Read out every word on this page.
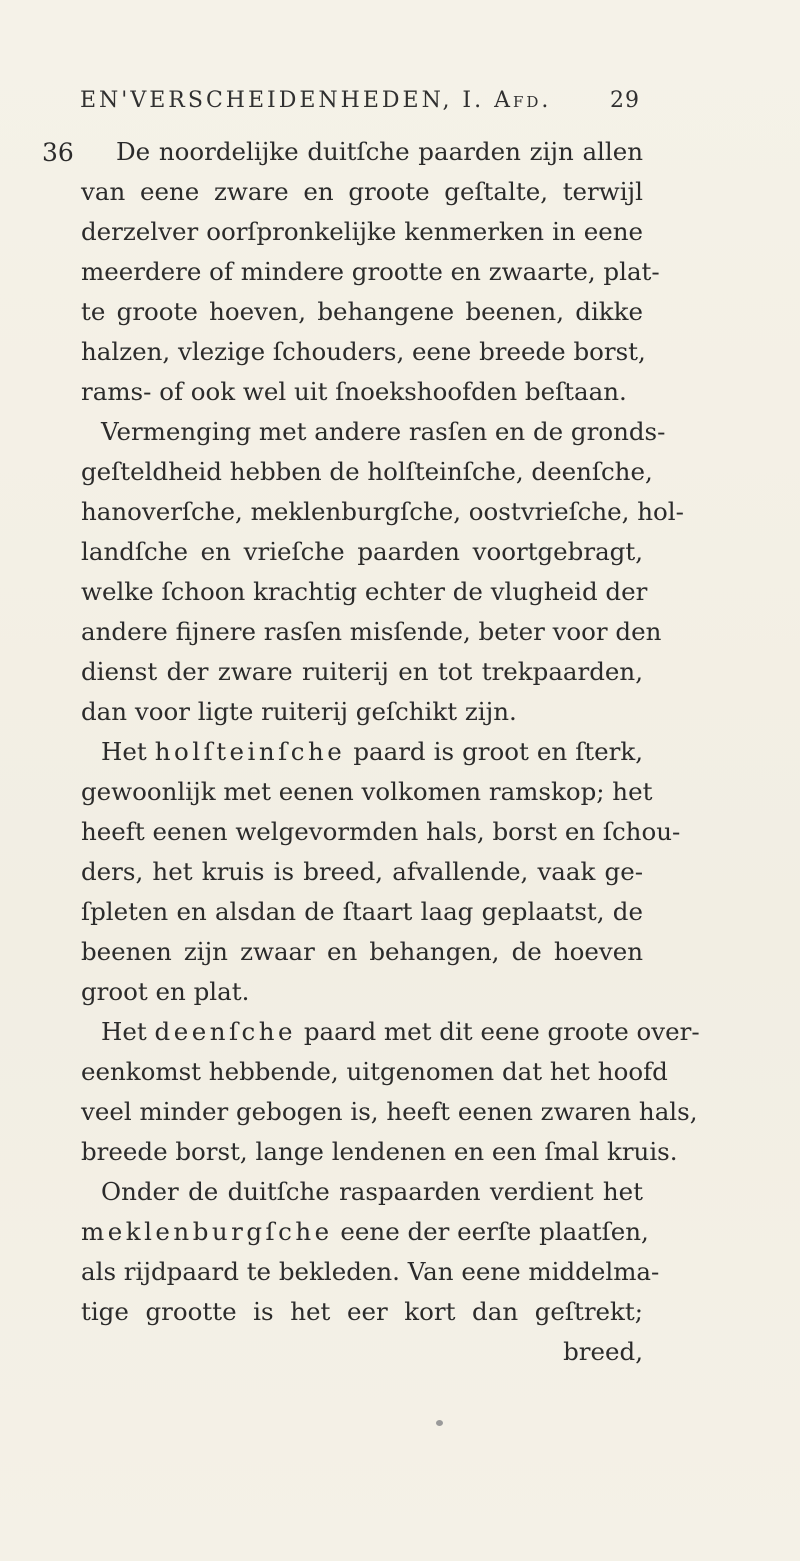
EN'VERSCHEIDENHEDEN, I. Afd.	29
36 De noordelijke duitſche paarden zijn allen
van eene zware en groote geſtalte, terwijl
derzelver oorſpronkelijke kenmerken in eene
meerdere of mindere grootte en zwaarte, plat-
te groote hoeven, behangene beenen, dikke
halzen, vlezige ſchouders, eene breede borst,
rams- of ook wel uit ſnoekshoofden beſtaan.
Vermenging met andere rasſen en de gronds-
geſteldheid hebben de holſteinſche, deenſche,
hanoverſche, meklenburgſche, oostvrieſche, hol-
landſche en vrieſche paarden voortgebragt,
welke ſchoon krachtig echter de vlugheid der
andere fijnere rasſen misſende, beter voor den
dienst der zware ruiterij en tot trekpaarden,
dan voor ligte ruiterij geſchikt zijn.
Het holſteinſche paard is groot en ſterk,
gewoonlijk met eenen volkomen ramskop; het
heeft eenen welgevormden hals, borst en ſchou-
ders, het kruis is breed, afvallende, vaak ge-
ſpleten en alsdan de ſtaart laag geplaatst, de
beenen zijn zwaar en behangen, de hoeven
groot en plat.
Het deenſche paard met dit eene groote over-
eenkomst hebbende, uitgenomen dat het hoofd
veel minder gebogen is, heeft eenen zwaren hals,
breede borst, lange lendenen en een ſmal kruis.
Onder de duitſche raspaarden verdient het
meklenburgſche eene der eerſte plaatſen,
als rijdpaard te bekleden. Van eene middelma-
tige grootte is het eer kort dan geſtrekt;
breed,
